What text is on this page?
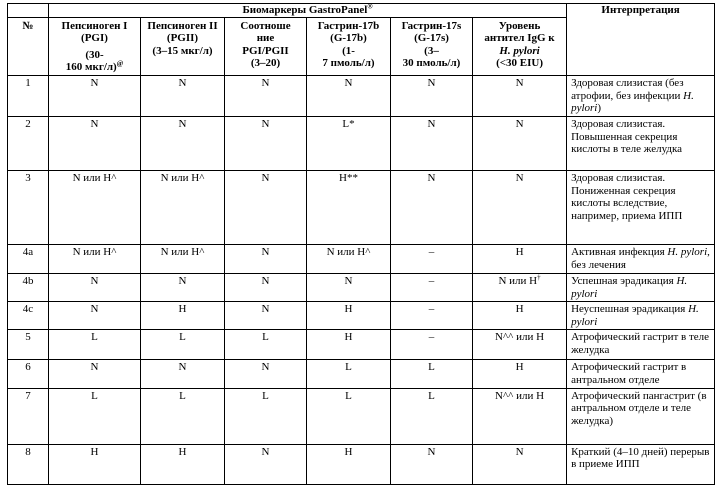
	Биомаркеры GastroPanel®						Интерпретация
№	Пепсиноген I
(PGI)
(30-
160 мкг/л)@	Пепсиноген II
(PGII)
(3–15 мкг/л)	Соотноше
ние
PGI/PGII
(3–20)	Гастрин-17b
(G-17b)
(1-
7 пмоль/л)	Гастрин-17s
(G-17s)
(3–
30 пмоль/л)	Уровень
антител IgG к
H. pylori
(<30 EIU)	

1	N	N	N	N	N	N	Здоровая слизистая (без атрофии, без инфекции H. pylori)
2	N	N	N	L*	N	N	Здоровая слизистая. Повышенная секреция кислоты в теле желудка
3	N или H^	N или H^	N	H**	N	N	Здоровая слизистая. Пониженная секреция кислоты вследствие, например, приема ИПП
4a	N или H^	N или H^	N	N или H^	–	H	Активная инфекция H. pylori, без лечения
4b	N	N	N	N	–	N или H†	Успешная эрадикация H. pylori
4c	N	H	N	H	–	H	Неуспешная эрадикация H. pylori
5	L	L	L	H	–	N^^ или H	Атрофический гастрит в теле желудка
6	N	N	N	L	L	H	Атрофический гастрит в антральном отделе
7	L	L	L	L	L	N^^ или H	Атрофический пангастрит (в антральном отделе и теле желудка)
8	H	H	N	H	N	N	Краткий (4–10 дней) перерыв в приеме ИПП
